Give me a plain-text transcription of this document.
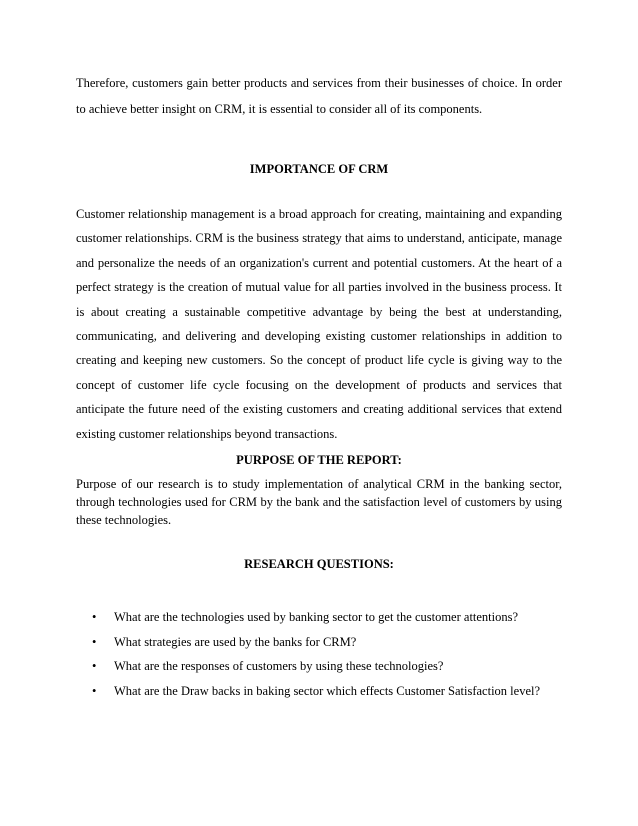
Therefore, customers gain better products and services from their businesses of choice. In order to achieve better insight on CRM, it is essential to consider all of its components.

IMPORTANCE OF CRM

Customer relationship management is a broad approach for creating, maintaining and expanding customer relationships. CRM is the business strategy that aims to understand, anticipate, manage and personalize the needs of an organization's current and potential customers. At the heart of a perfect strategy is the creation of mutual value for all parties involved in the business process. It is about creating a sustainable competitive advantage by being the best at understanding, communicating, and delivering and developing existing customer relationships in addition to creating and keeping new customers. So the concept of product life cycle is giving way to the concept of customer life cycle focusing on the development of products and services that anticipate the future need of the existing customers and creating additional services that extend existing customer relationships beyond transactions.

PURPOSE OF THE REPORT:

Purpose of our research is to study implementation of analytical CRM in the banking sector, through technologies used for CRM by the bank and the satisfaction level of customers by using these technologies.

RESEARCH QUESTIONS:
• What are the technologies used by banking sector to get the customer attentions?
• What strategies are used by the banks for CRM?
• What are the responses of customers by using these technologies?
• What are the Draw backs in baking sector which effects Customer Satisfaction level?
